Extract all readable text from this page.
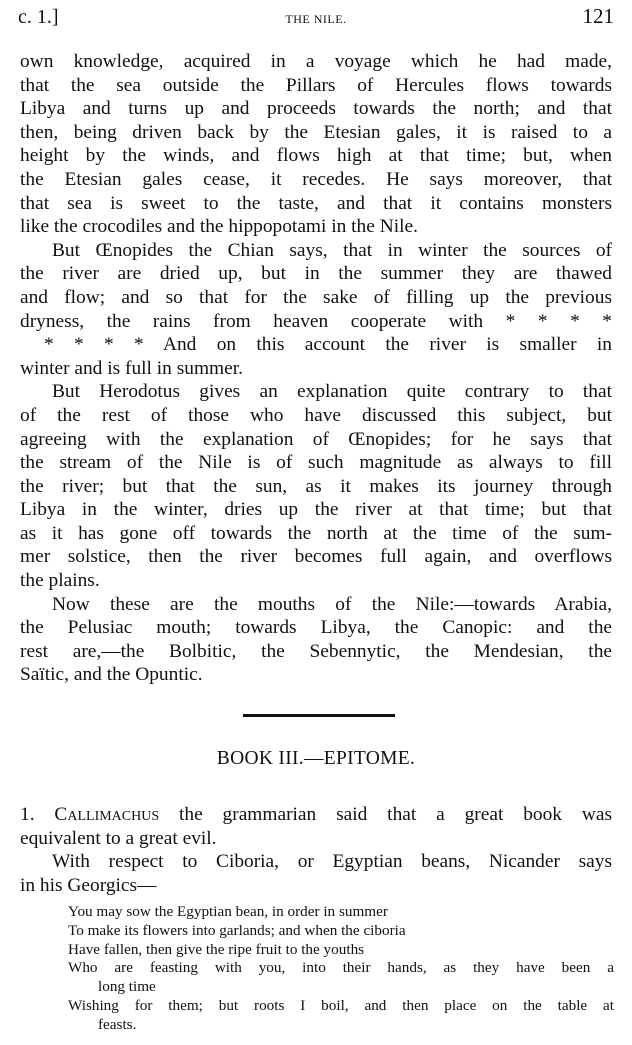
c. 1.]	THE NILE.	121
own knowledge, acquired in a voyage which he had made,
that the sea outside the Pillars of Hercules flows towards
Libya and turns up and proceeds towards the north; and that
then, being driven back by the Etesian gales, it is raised to a
height by the winds, and flows high at that time; but, when
the Etesian gales cease, it recedes. He says moreover, that
that sea is sweet to the taste, and that it contains monsters
like the crocodiles and the hippopotami in the Nile.
But Œnopides the Chian says, that in winter the sources of
the river are dried up, but in the summer they are thawed
and flow; and so that for the sake of filling up the previous
dryness, the rains from heaven cooperate with * * * *
* * * * And on this account the river is smaller in
winter and is full in summer.
But Herodotus gives an explanation quite contrary to that
of the rest of those who have discussed this subject, but
agreeing with the explanation of Œnopides; for he says that
the stream of the Nile is of such magnitude as always to fill
the river; but that the sun, as it makes its journey through
Libya in the winter, dries up the river at that time; but that
as it has gone off towards the north at the time of the sum-
mer solstice, then the river becomes full again, and overflows
the plains.
Now these are the mouths of the Nile:—towards Arabia,
the Pelusiac mouth; towards Libya, the Canopic: and the
rest are,—the Bolbitic, the Sebennytic, the Mendesian, the
Saïtic, and the Opuntic.
BOOK III.—EPITOME.
1. Callimachus the grammarian said that a great book was
equivalent to a great evil.
With respect to Ciboria, or Egyptian beans, Nicander says
in his Georgics—
You may sow the Egyptian bean, in order in summer
To make its flowers into garlands; and when the ciboria
Have fallen, then give the ripe fruit to the youths
Who are feasting with you, into their hands, as they have been a
long time
Wishing for them; but roots I boil, and then place on the table at
feasts.
